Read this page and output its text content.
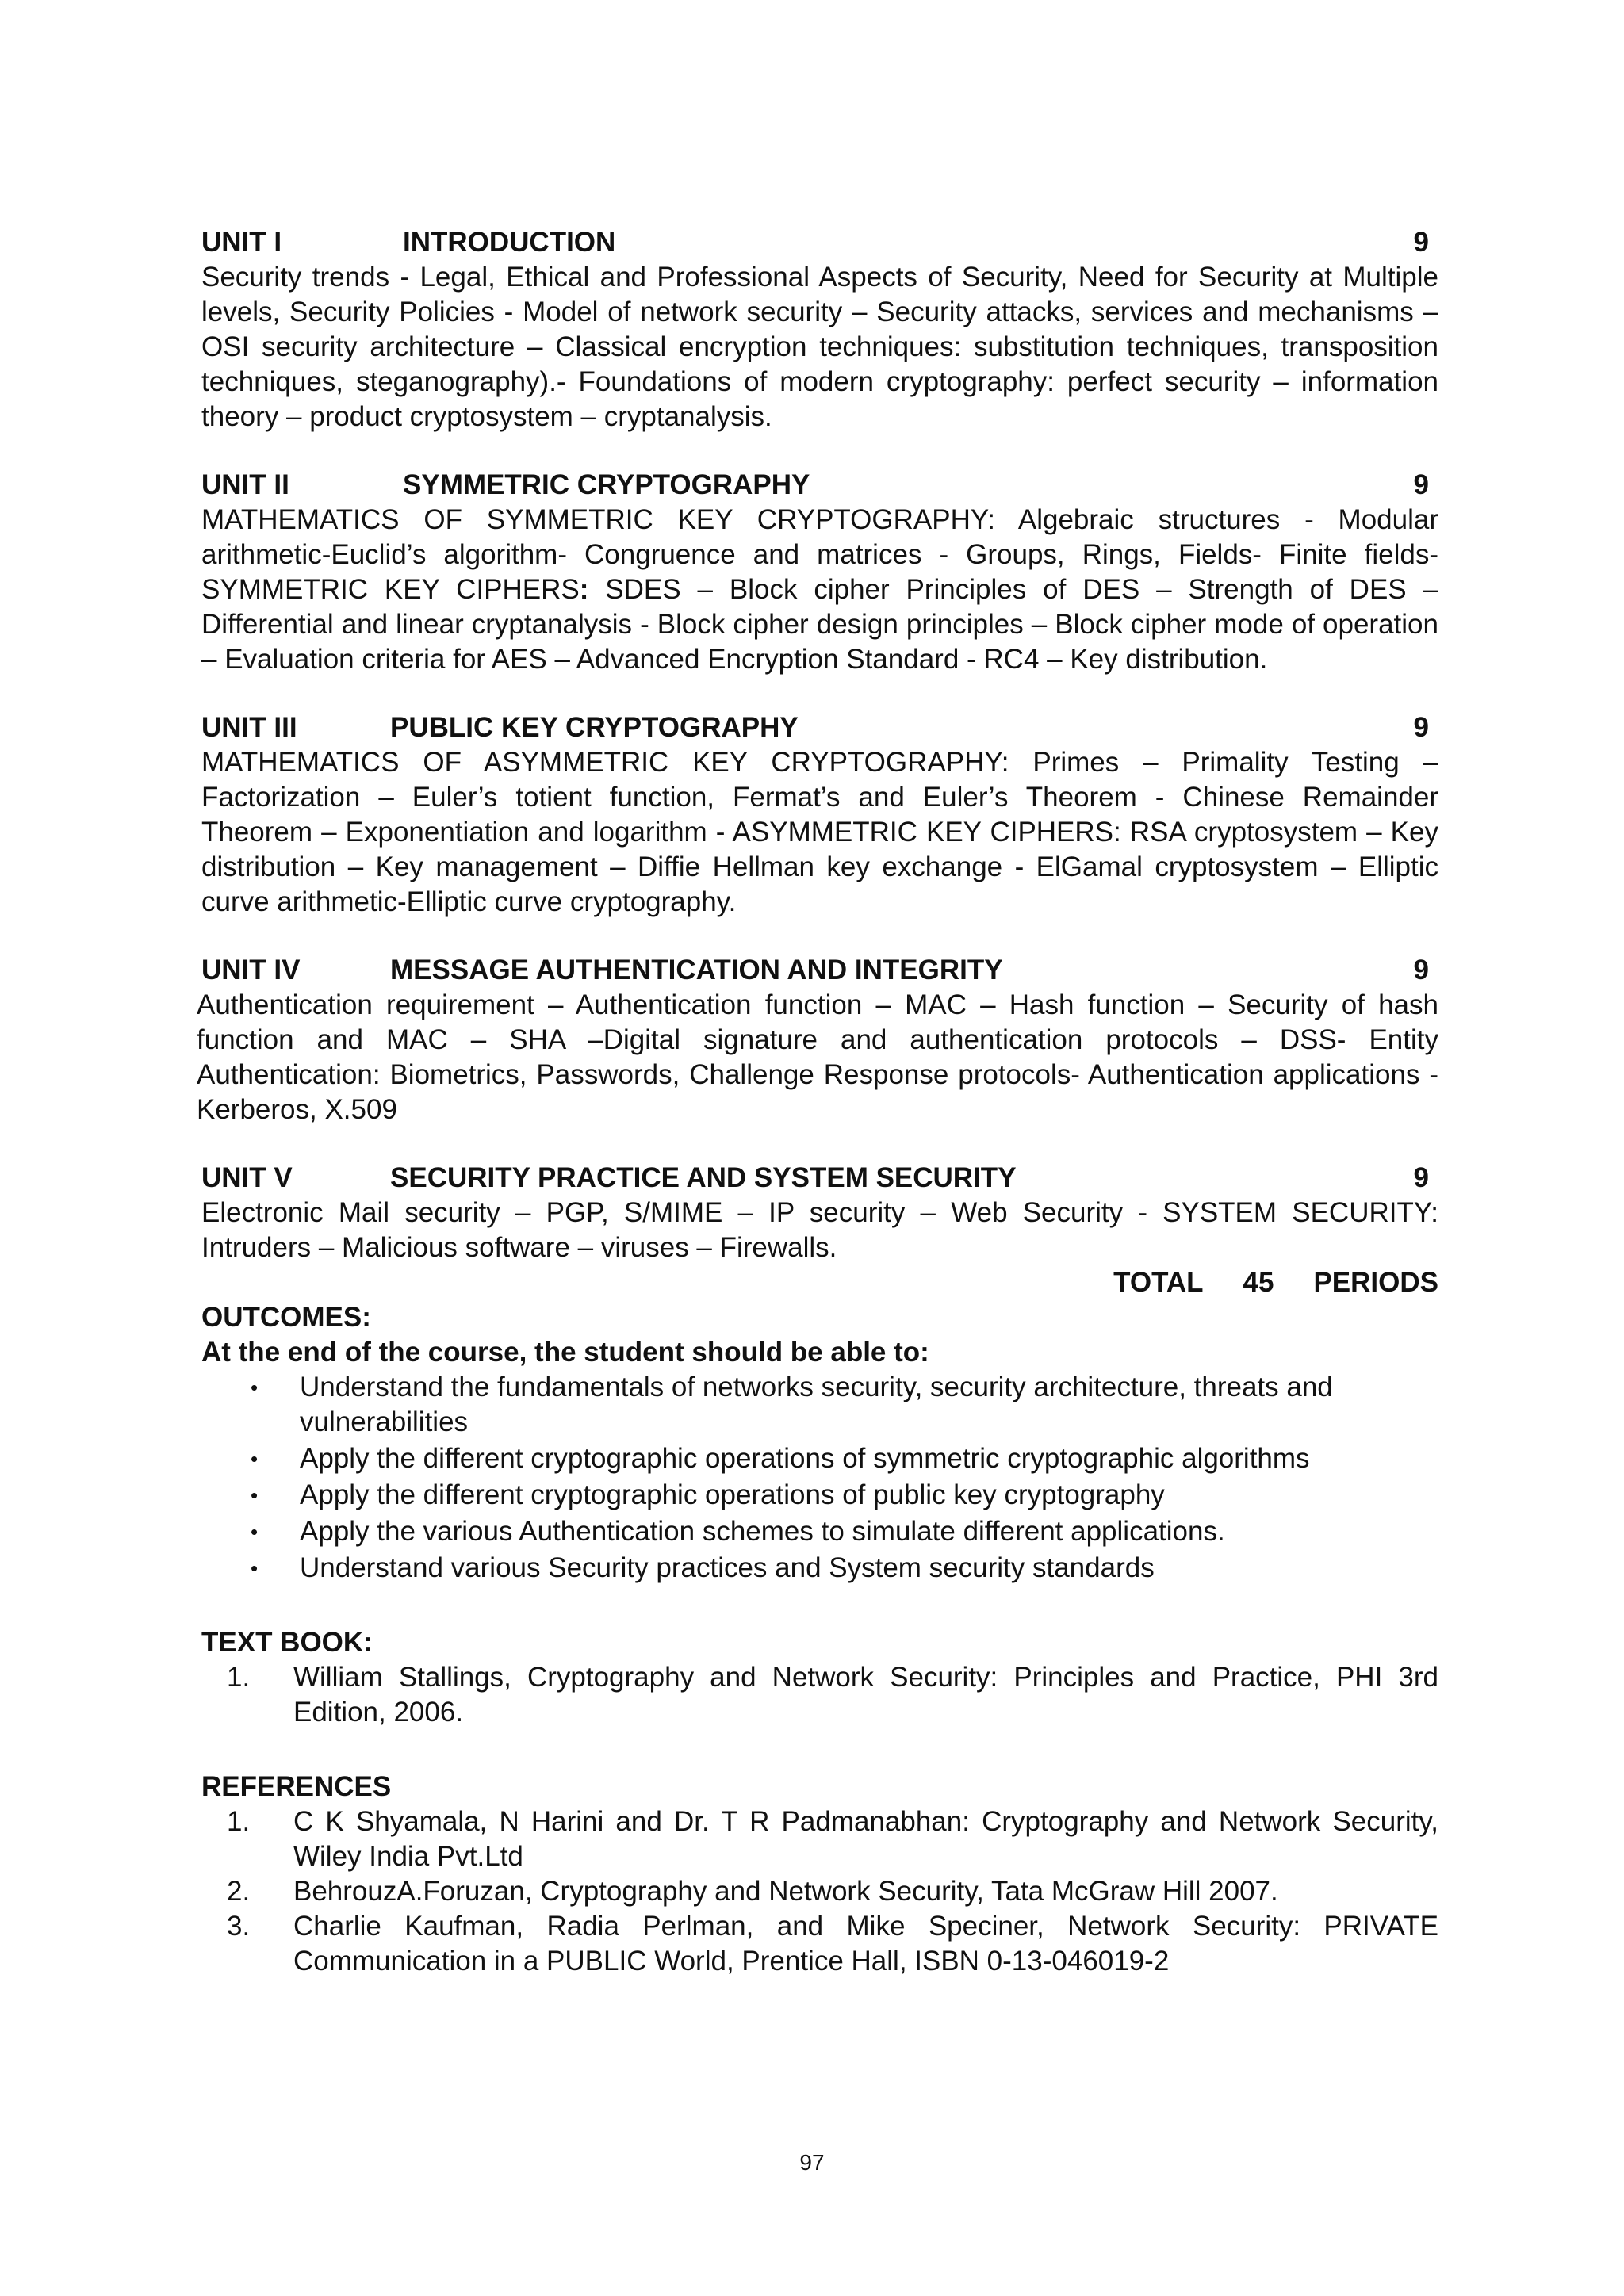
UNIT I	INTRODUCTION	9
Security trends - Legal, Ethical and Professional Aspects of Security, Need for Security at Multiple levels, Security Policies - Model of network security – Security attacks, services and mechanisms – OSI security architecture – Classical encryption techniques: substitution techniques, transposition techniques, steganography).- Foundations of modern cryptography: perfect security – information theory – product cryptosystem – cryptanalysis.
UNIT II	SYMMETRIC CRYPTOGRAPHY	9
MATHEMATICS OF SYMMETRIC KEY CRYPTOGRAPHY: Algebraic structures - Modular arithmetic-Euclid’s algorithm- Congruence and matrices - Groups, Rings, Fields- Finite fields- SYMMETRIC KEY CIPHERS: SDES – Block cipher Principles of DES – Strength of DES – Differential and linear cryptanalysis - Block cipher design principles – Block cipher mode of operation – Evaluation criteria for AES – Advanced Encryption Standard - RC4 – Key distribution.
UNIT III	PUBLIC KEY CRYPTOGRAPHY	9
MATHEMATICS OF ASYMMETRIC KEY CRYPTOGRAPHY: Primes – Primality Testing – Factorization – Euler’s totient function, Fermat’s and Euler’s Theorem - Chinese Remainder Theorem – Exponentiation and logarithm - ASYMMETRIC KEY CIPHERS: RSA cryptosystem – Key distribution – Key management – Diffie Hellman key exchange - ElGamal cryptosystem – Elliptic curve arithmetic-Elliptic curve cryptography.
UNIT IV	MESSAGE AUTHENTICATION AND INTEGRITY	9
Authentication requirement – Authentication function – MAC – Hash function – Security of hash function and MAC – SHA –Digital signature and authentication protocols – DSS- Entity Authentication: Biometrics, Passwords, Challenge Response protocols- Authentication applications - Kerberos, X.509
UNIT V	SECURITY PRACTICE AND SYSTEM SECURITY	9
Electronic Mail security – PGP, S/MIME – IP security – Web Security - SYSTEM SECURITY: Intruders – Malicious software – viruses – Firewalls.
TOTAL 45 PERIODS
OUTCOMES:
At the end of the course, the student should be able to:
• Understand the fundamentals of networks security, security architecture, threats and vulnerabilities
• Apply the different cryptographic operations of symmetric cryptographic algorithms
• Apply the different cryptographic operations of public key cryptography
• Apply the various Authentication schemes to simulate different applications.
• Understand various Security practices and System security standards
TEXT BOOK:
1. William Stallings, Cryptography and Network Security: Principles and Practice, PHI 3rd Edition, 2006.
REFERENCES
1. C K Shyamala, N Harini and Dr. T R Padmanabhan: Cryptography and Network Security, Wiley India Pvt.Ltd
2. BehrouzA.Foruzan, Cryptography and Network Security, Tata McGraw Hill 2007.
3. Charlie Kaufman, Radia Perlman, and Mike Speciner, Network Security: PRIVATE Communication in a PUBLIC World, Prentice Hall, ISBN 0-13-046019-2
97
